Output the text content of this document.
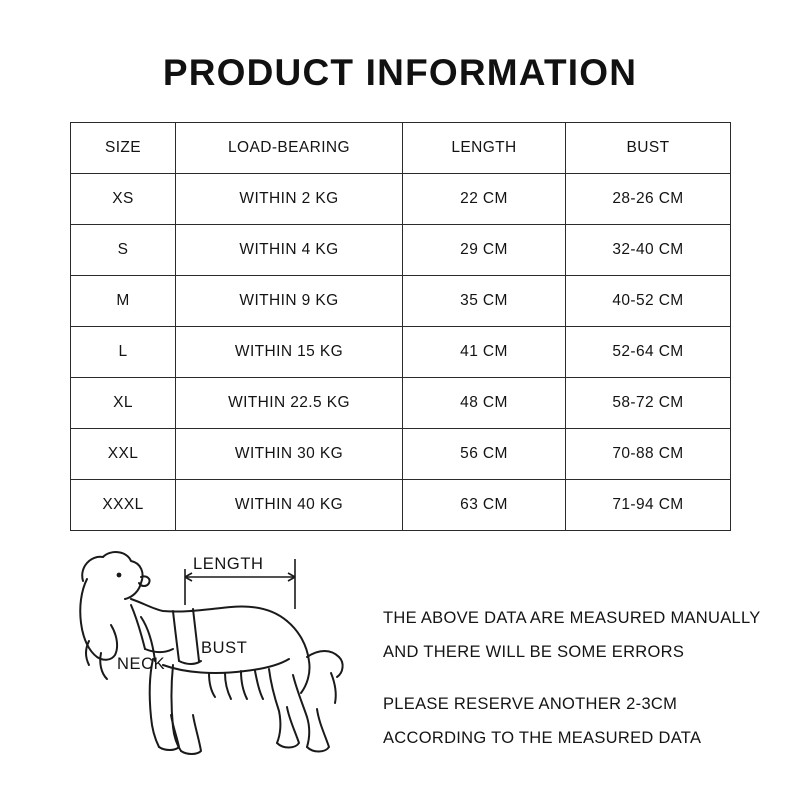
PRODUCT INFORMATION
SIZE	LOAD-BEARING	LENGTH	BUST
XS	WITHIN 2 KG	22 CM	28-26 CM
S	WITHIN 4 KG	29 CM	32-40 CM
M	WITHIN 9 KG	35 CM	40-52 CM
L	WITHIN 15 KG	41 CM	52-64 CM
XL	WITHIN 22.5 KG	48 CM	58-72 CM
XXL	WITHIN 30 KG	56 CM	70-88 CM
XXXL	WITHIN 40 KG	63 CM	71-94 CM
LENGTH
BUST
NECK

THE ABOVE DATA ARE MEASURED MANUALLY

AND THERE WILL BE SOME ERRORS

PLEASE RESERVE ANOTHER 2-3CM

ACCORDING TO THE MEASURED DATA
